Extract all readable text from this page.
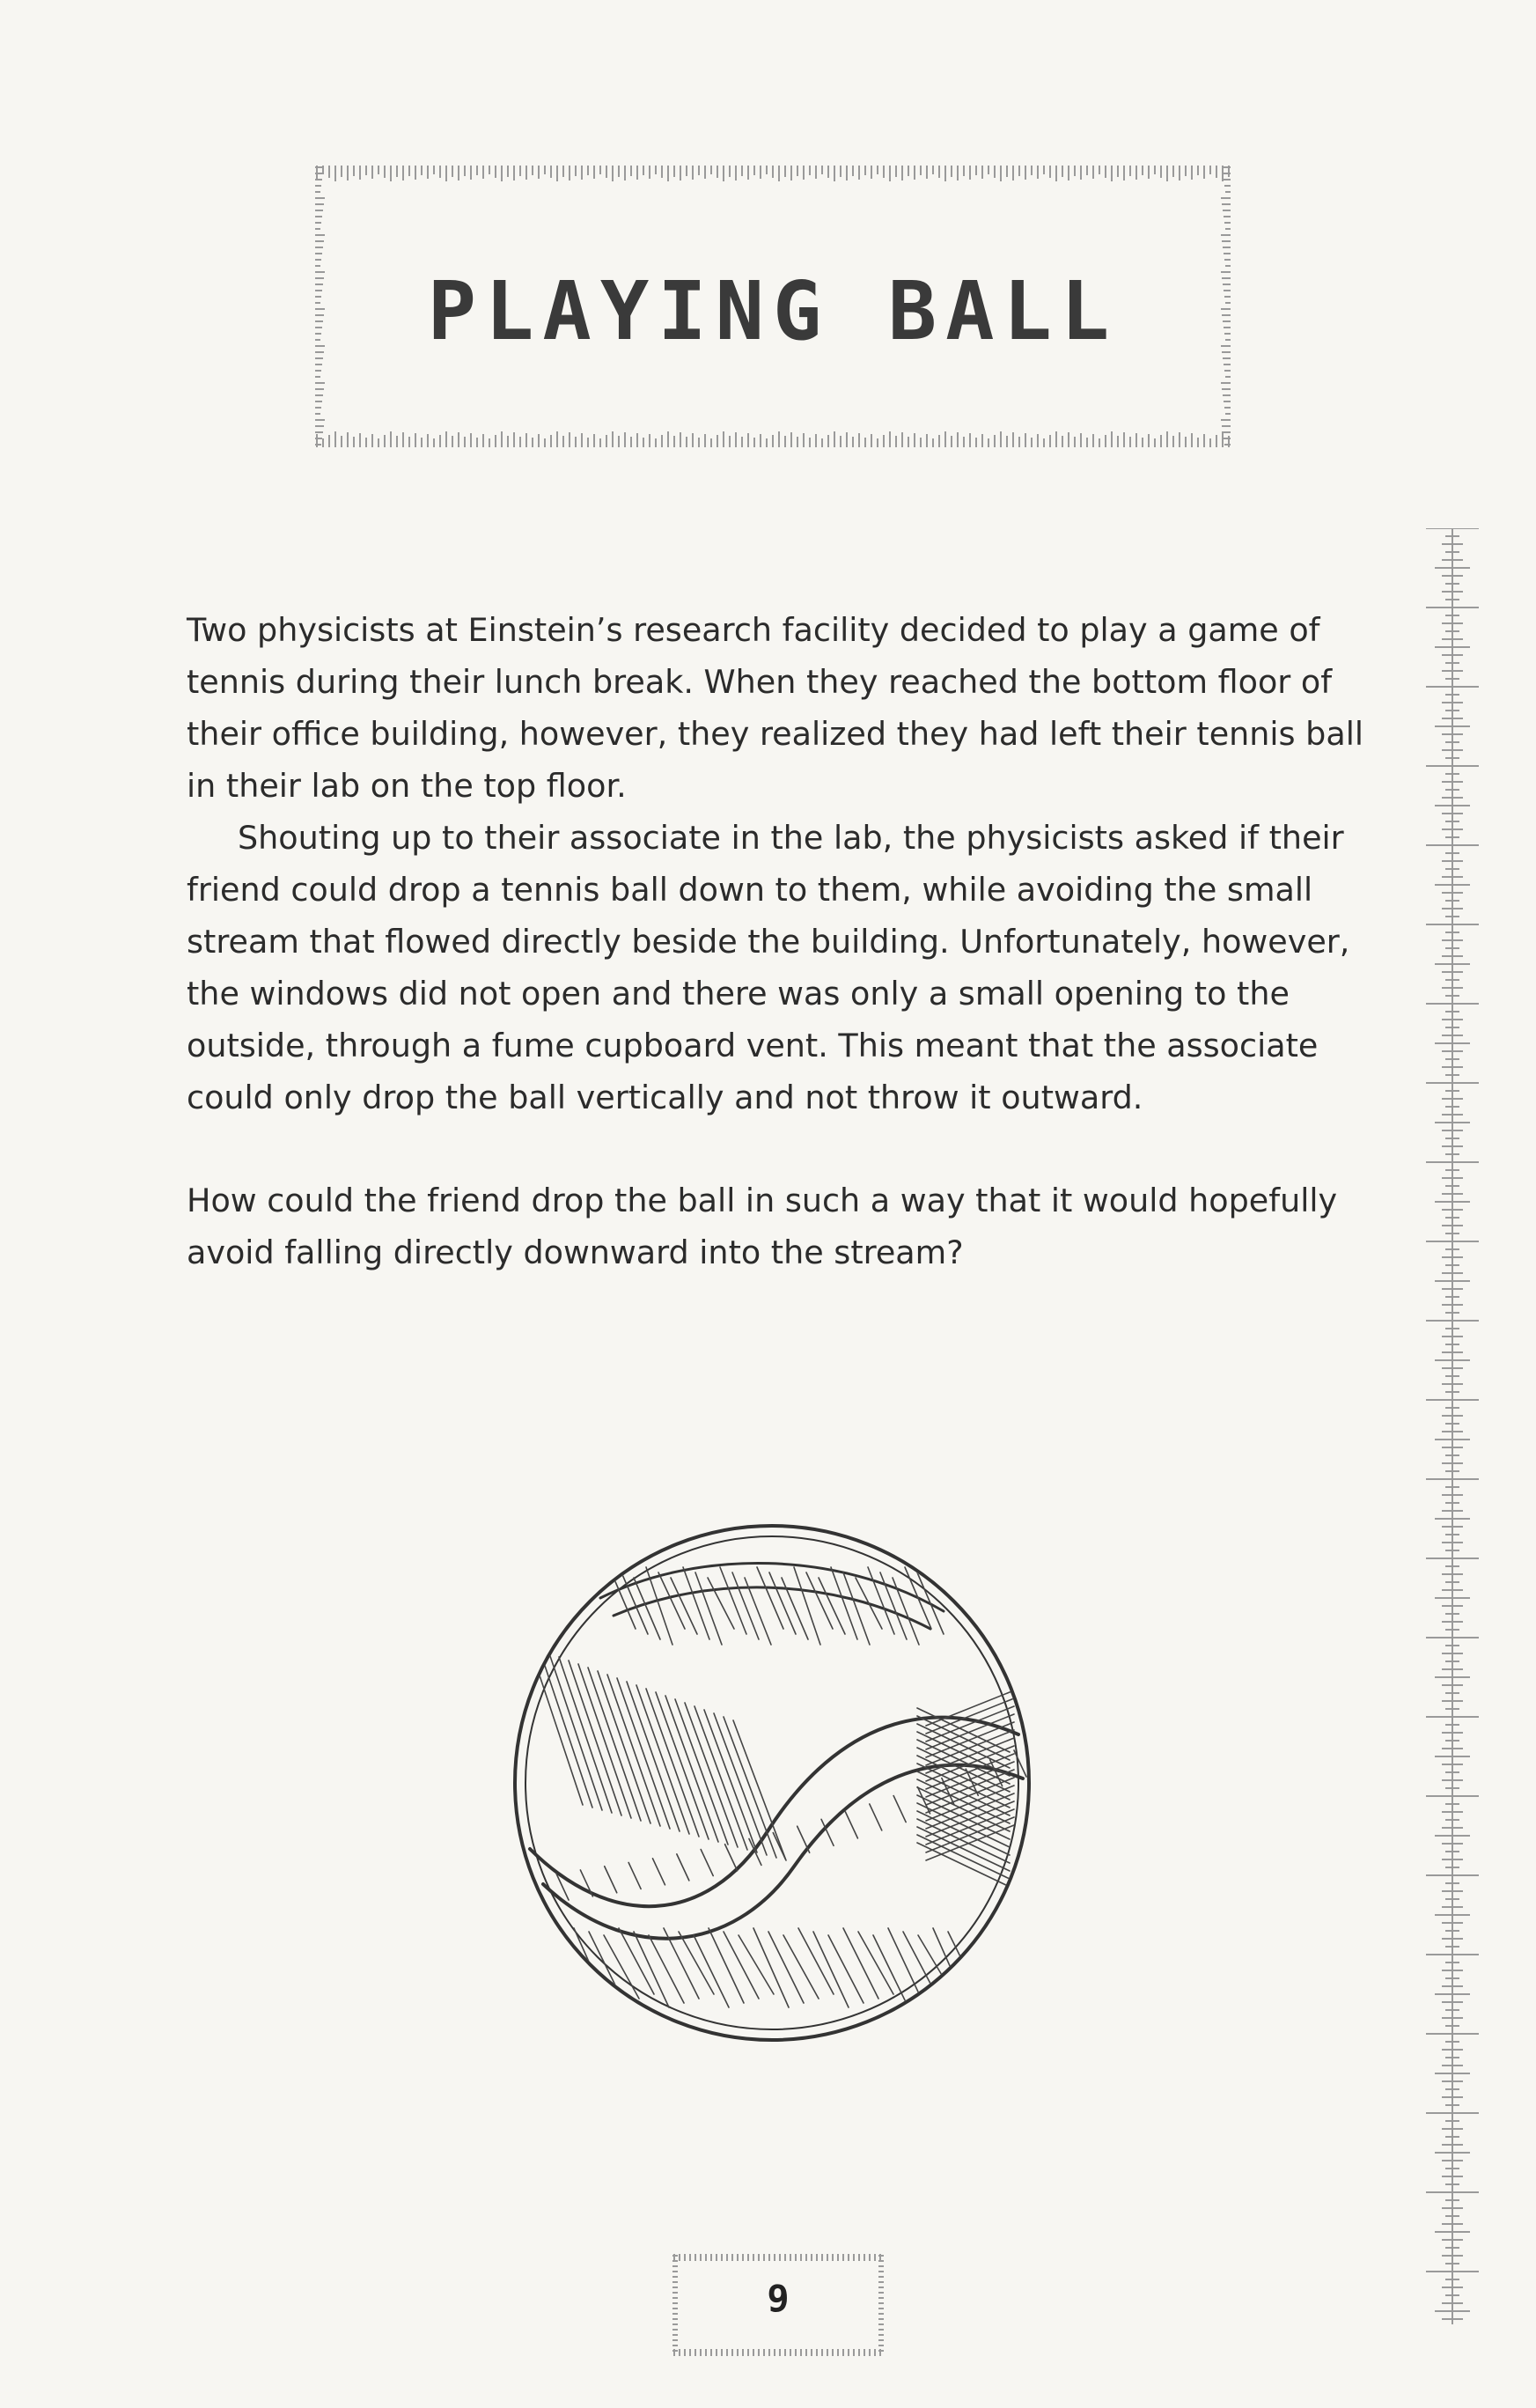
PLAYING BALL

Two physicists at Einstein’s research facility decided to play a game of tennis during their lunch break. When they reached the bottom floor of their office building, however, they realized they had left their tennis ball in their lab on the top floor.

Shouting up to their associate in the lab, the physicists asked if their friend could drop a tennis ball down to them, while avoiding the small stream that flowed directly beside the building. Unfortunately, however, the windows did not open and there was only a small opening to the outside, through a fume cupboard vent. This meant that the associate could only drop the ball vertically and not throw it outward.

How could the friend drop the ball in such a way that it would hopefully avoid falling directly downward into the stream?

9
